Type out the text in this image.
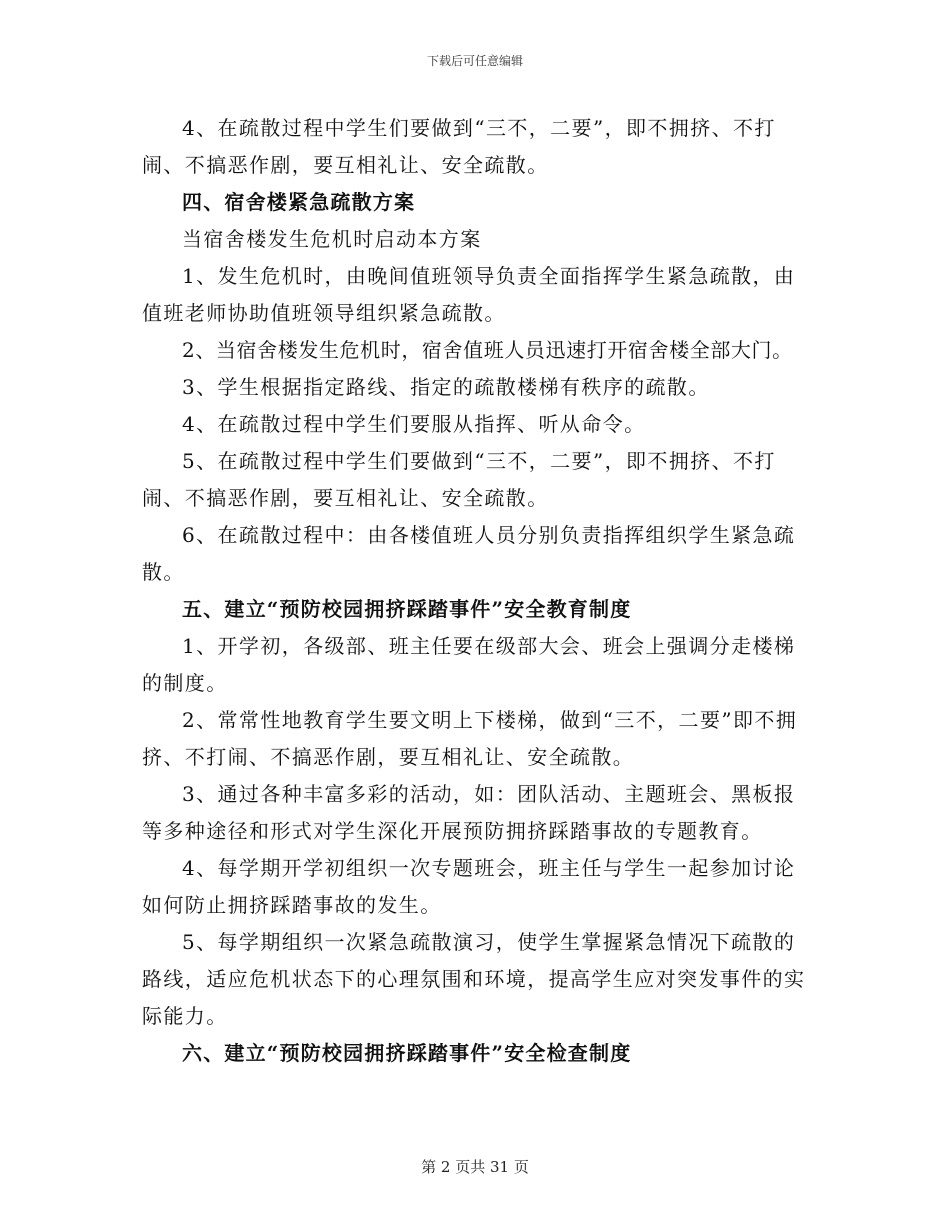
下载后可任意编辑

4、在疏散过程中学生们要做到“三不，二要”，即不拥挤、不打闹、不搞恶作剧，要互相礼让、安全疏散。

四、宿舍楼紧急疏散方案

当宿舍楼发生危机时启动本方案

1、发生危机时，由晚间值班领导负责全面指挥学生紧急疏散，由值班老师协助值班领导组织紧急疏散。

2、当宿舍楼发生危机时，宿舍值班人员迅速打开宿舍楼全部大门。

3、学生根据指定路线、指定的疏散楼梯有秩序的疏散。

4、在疏散过程中学生们要服从指挥、听从命令。

5、在疏散过程中学生们要做到“三不，二要”，即不拥挤、不打闹、不搞恶作剧，要互相礼让、安全疏散。

6、在疏散过程中：由各楼值班人员分别负责指挥组织学生紧急疏散。

五、建立“预防校园拥挤踩踏事件”安全教育制度

1、开学初，各级部、班主任要在级部大会、班会上强调分走楼梯的制度。

2、常常性地教育学生要文明上下楼梯，做到“三不，二要”即不拥挤、不打闹、不搞恶作剧，要互相礼让、安全疏散。

3、通过各种丰富多彩的活动，如：团队活动、主题班会、黑板报等多种途径和形式对学生深化开展预防拥挤踩踏事故的专题教育。

4、每学期开学初组织一次专题班会，班主任与学生一起参加讨论如何防止拥挤踩踏事故的发生。

5、每学期组织一次紧急疏散演习，使学生掌握紧急情况下疏散的路线，适应危机状态下的心理氛围和环境，提高学生应对突发事件的实际能力。

六、建立“预防校园拥挤踩踏事件”安全检查制度

第 2 页共 31 页
